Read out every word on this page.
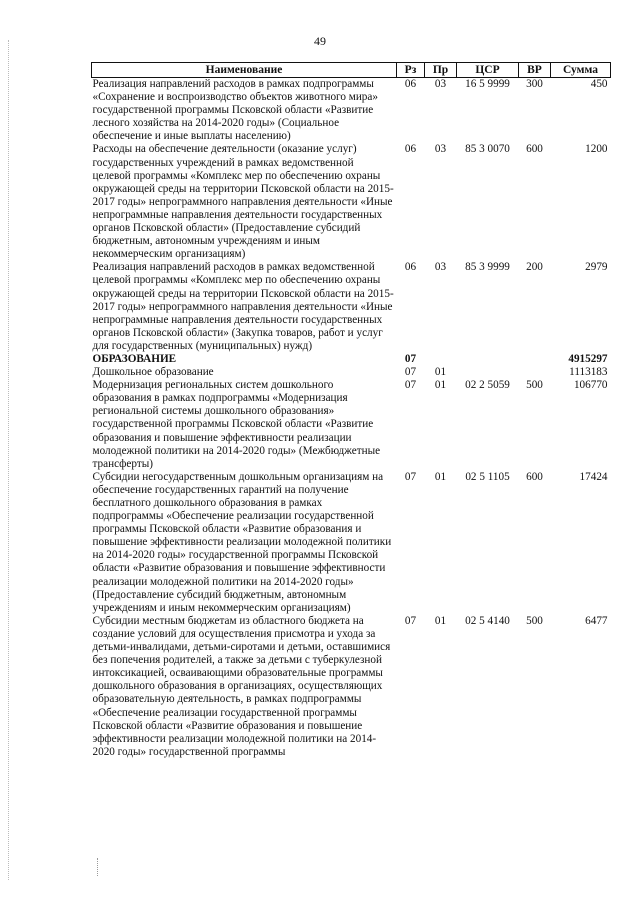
49
Наименование	Рз	Пр	ЦСР	ВР	Сумма
Реализация направлений расходов в рамках подпрограммы «Сохранение и воспроизводство объектов животного мира» государственной программы Псковской области «Развитие лесного хозяйства на 2014-2020 годы» (Социальное обеспечение и иные выплаты населению)	06	03	16 5 9999	300	450
Расходы на обеспечение деятельности (оказание услуг) государственных учреждений в рамках ведомственной целевой программы «Комплекс мер по обеспечению охраны окружающей среды на территории Псковской области на 2015-2017 годы» непрограммного направления деятельности «Иные непрограммные направления деятельности государственных органов Псковской области» (Предоставление субсидий бюджетным, автономным учреждениям и иным некоммерческим организациям)	06	03	85 3 0070	600	1200
Реализация направлений расходов в рамках ведомственной целевой программы «Комплекс мер по обеспечению охраны окружающей среды на территории Псковской области на 2015-2017 годы» непрограммного направления деятельности «Иные непрограммные направления деятельности государственных органов Псковской области» (Закупка товаров, работ и услуг для государственных (муниципальных) нужд)	06	03	85 3 9999	200	2979
ОБРАЗОВАНИЕ	07				4915297
Дошкольное образование	07	01			1113183
Модернизация региональных систем дошкольного образования в рамках подпрограммы «Модернизация региональной системы дошкольного образования» государственной программы Псковской области «Развитие образования и повышение эффективности реализации молодежной политики на 2014-2020 годы» (Межбюджетные трансферты)	07	01	02 2 5059	500	106770
Субсидии негосударственным дошкольным организациям на обеспечение государственных гарантий на получение бесплатного дошкольного образования в рамках подпрограммы «Обеспечение реализации государственной программы Псковской области «Развитие образования и повышение эффективности реализации молодежной политики на 2014-2020 годы» государственной программы Псковской области «Развитие образования и повышение эффективности реализации молодежной политики на 2014-2020 годы» (Предоставление субсидий бюджетным, автономным учреждениям и иным некоммерческим организациям)	07	01	02 5 1105	600	17424
Субсидии местным бюджетам из областного бюджета на создание условий для осуществления присмотра и ухода за детьми-инвалидами, детьми-сиротами и детьми, оставшимися без попечения родителей, а также за детьми с туберкулезной интоксикацией, осваивающими образовательные программы дошкольного образования в организациях, осуществляющих образовательную деятельность, в рамках подпрограммы «Обеспечение реализации государственной программы Псковской области «Развитие образования и повышение эффективности реализации молодежной политики на 2014-2020 годы» государственной программы	07	01	02 5 4140	500	6477
